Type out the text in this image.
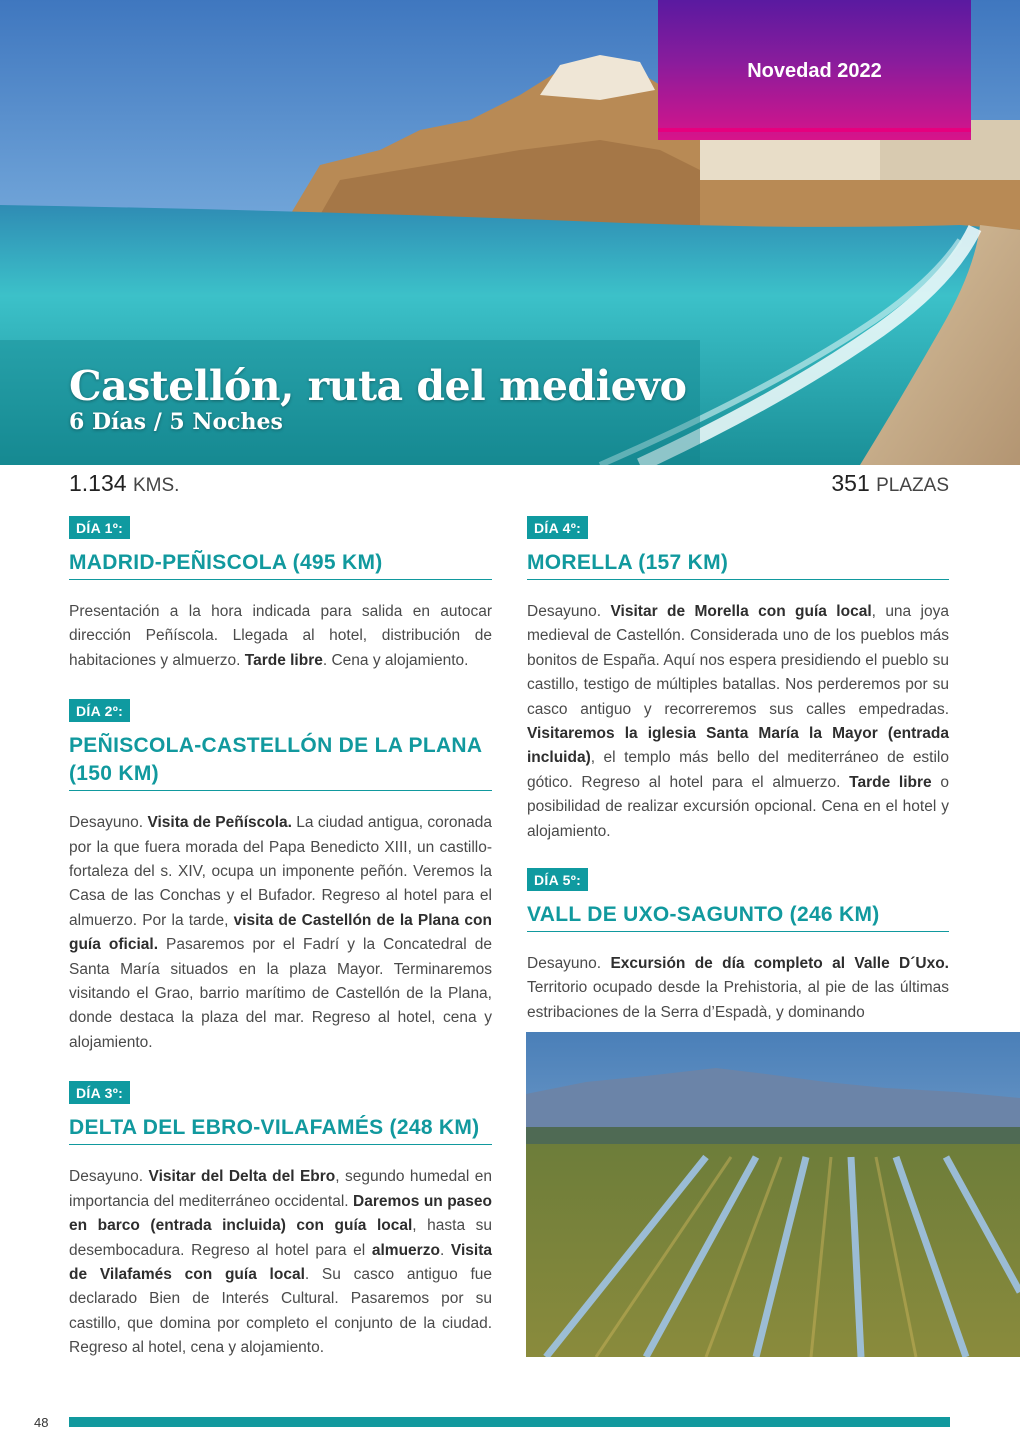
Novedad 2022
Castellón, ruta del medievo
6 Días / 5 Noches
1.134 KMS.	351 PLAZAS
DÍA 1º:
MADRID-PEÑISCOLA (495 KM)

Presentación a la hora indicada para salida en autocar dirección Peñíscola. Llegada al hotel, distribución de habitaciones y almuerzo. Tarde libre. Cena y alojamiento.

DÍA 2º:
PEÑISCOLA-CASTELLÓN DE LA PLANA (150 KM)

Desayuno. Visita de Peñíscola. La ciudad antigua, coronada por la que fuera morada del Papa Benedicto XIII, un castillo-fortaleza del s. XIV, ocupa un imponente peñón. Veremos la Casa de las Conchas y el Bufador. Regreso al hotel para el almuerzo. Por la tarde, visita de Castellón de la Plana con guía oficial. Pasaremos por el Fadrí y la Concatedral de Santa María situados en la plaza Mayor. Terminaremos visitando el Grao, barrio marítimo de Castellón de la Plana, donde destaca la plaza del mar. Regreso al hotel, cena y alojamiento.

DÍA 3º:
DELTA DEL EBRO-VILAFAMÉS (248 KM)

Desayuno. Visitar del Delta del Ebro, segundo humedal en importancia del mediterráneo occidental. Daremos un paseo en barco (entrada incluida) con guía local, hasta su desembocadura. Regreso al hotel para el almuerzo. Visita de Vilafamés con guía local. Su casco antiguo fue declarado Bien de Interés Cultural. Pasaremos por su castillo, que domina por completo el conjunto de la ciudad. Regreso al hotel, cena y alojamiento.

DÍA 4º:
MORELLA (157 KM)

Desayuno. Visitar de Morella con guía local, una joya medieval de Castellón. Considerada uno de los pueblos más bonitos de España. Aquí nos espera presidiendo el pueblo su castillo, testigo de múltiples batallas. Nos perderemos por su casco antiguo y recorreremos sus calles empedradas. Visitaremos la iglesia Santa María la Mayor (entrada incluida), el templo más bello del mediterráneo de estilo gótico. Regreso al hotel para el almuerzo. Tarde libre o posibilidad de realizar excursión opcional. Cena en el hotel y alojamiento.

DÍA 5º:
VALL DE UXO-SAGUNTO (246 KM)

Desayuno. Excursión de día completo al Valle D´Uxo. Territorio ocupado desde la Prehistoria, al pie de las últimas estribaciones de la Serra d’Espadà, y dominando

48
